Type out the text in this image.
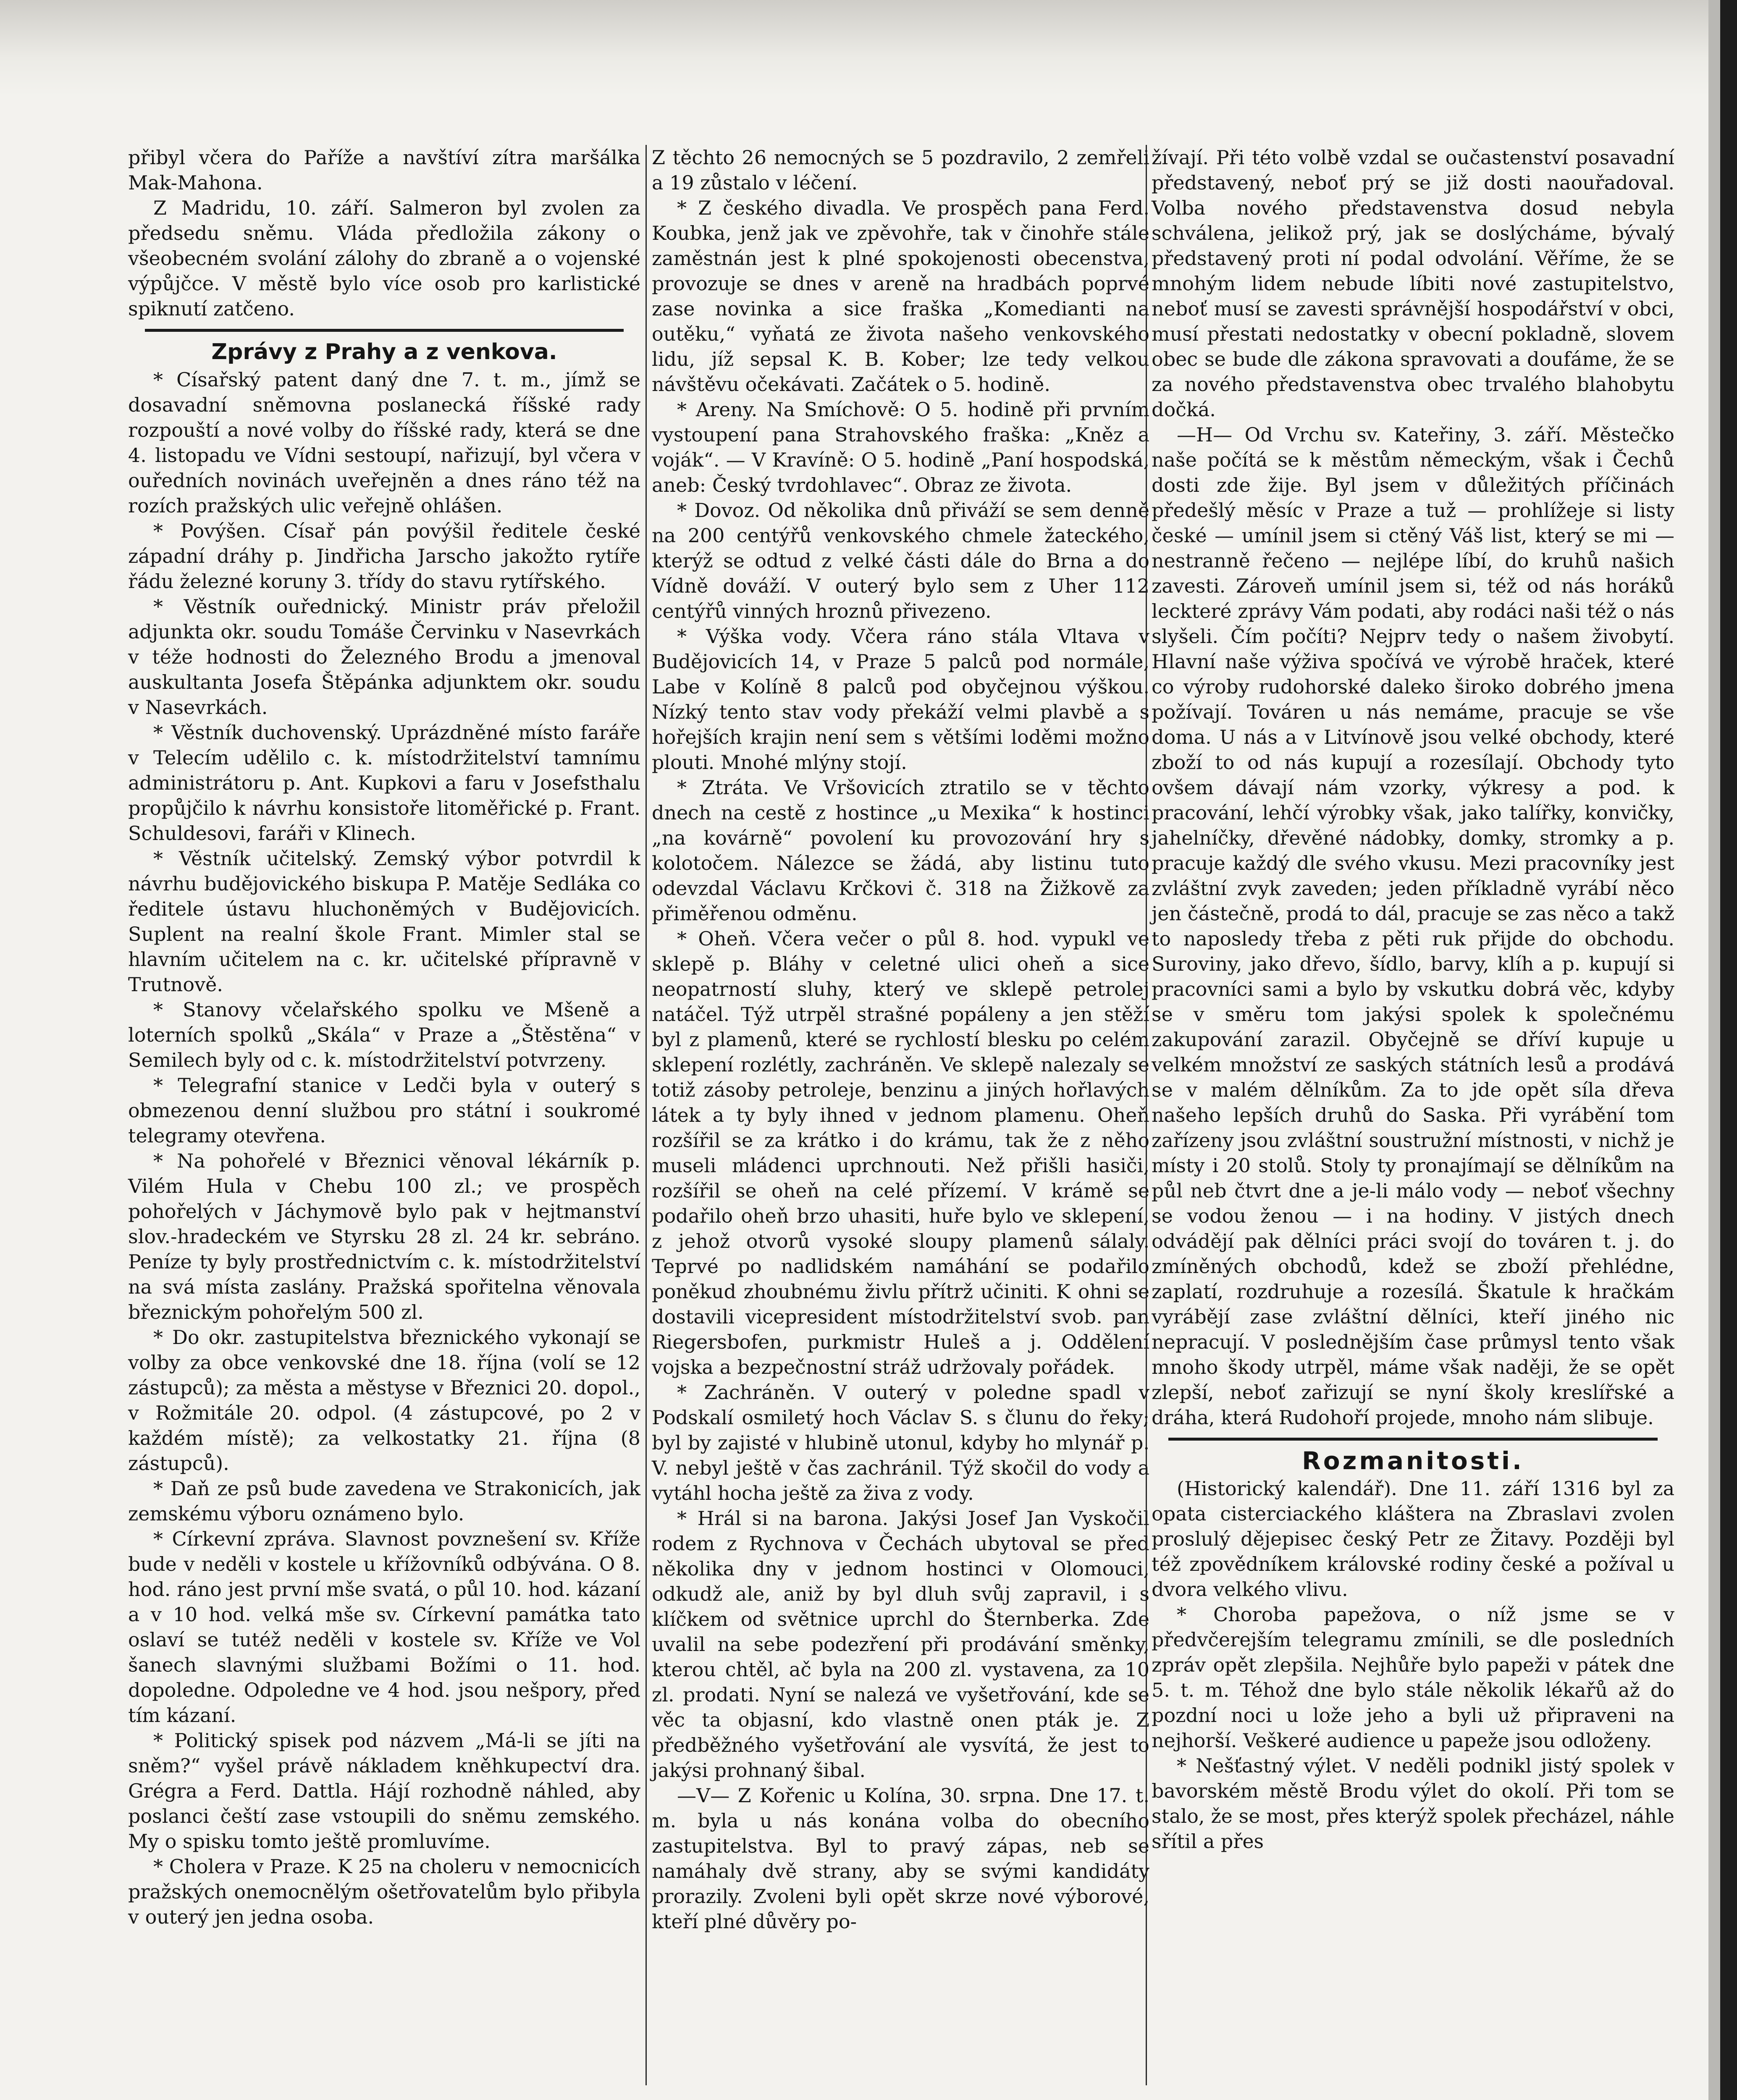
přibyl včera do Paříže a navštíví zítra maršálka Mak-Mahona.

Z Madridu, 10. září. Salmeron byl zvolen za předsedu sněmu. Vláda předložila zákony o všeobecném svolání zálohy do zbraně a o vojenské výpůjčce. V městě bylo více osob pro karlistické spiknutí zatčeno.

Zprávy z Prahy a z venkova.

* Císařský patent daný dne 7. t. m., jímž se dosavadní sněmovna poslanecká říšské rady rozpouští a nové volby do říšské rady, která se dne 4. listopadu ve Vídni sestoupí, nařizují, byl včera v ouředních novinách uveřejněn a dnes ráno též na rozích pražských ulic veřejně ohlášen.

* Povýšen. Císař pán povýšil ředitele české západní dráhy p. Jindřicha Jarscho jakožto rytíře řádu železné koruny 3. třídy do stavu rytířského.

* Věstník ouřednický. Ministr práv přeložil adjunkta okr. soudu Tomáše Červinku v Nasevrkách v téže hodnosti do Železného Brodu a jmenoval auskultanta Josefa Štěpánka adjunktem okr. soudu v Nasevrkách.

* Věstník duchovenský. Uprázdněné místo faráře v Telecím udělilo c. k. místodržitelství tamnímu administrátoru p. Ant. Kupkovi a faru v Josefsthalu propůjčilo k návrhu konsistoře litoměřické p. Frant. Schuldesovi, faráři v Klinech.

* Věstník učitelský. Zemský výbor potvrdil k návrhu budějovického biskupa P. Matěje Sedláka co ředitele ústavu hluchoněmých v Budějovicích. Suplent na realní škole Frant. Mimler stal se hlavním učitelem na c. kr. učitelské přípravně v Trutnově.

* Stanovy včelařského spolku ve Mšeně a loterních spolků „Skála“ v Praze a „Štěstěna“ v Semilech byly od c. k. místodržitelství potvrzeny.

* Telegrafní stanice v Ledči byla v outerý s obmezenou denní službou pro státní i soukromé telegramy otevřena.

* Na pohořelé v Březnici věnoval lékárník p. Vilém Hula v Chebu 100 zl.; ve prospěch pohořelých v Jáchymově bylo pak v hejtmanství slov.-hradeckém ve Styrsku 28 zl. 24 kr. sebráno. Peníze ty byly prostřednictvím c. k. místodržitelství na svá místa zaslány. Pražská spořitelna věnovala březnickým pohořelým 500 zl.

* Do okr. zastupitelstva březnického vykonají se volby za obce venkovské dne 18. října (volí se 12 zástupců); za města a městyse v Březnici 20. dopol., v Rožmitále 20. odpol. (4 zástupcové, po 2 v každém místě); za velkostatky 21. října (8 zástupců).

* Daň ze psů bude zavedena ve Strakonicích, jak zemskému výboru oznámeno bylo.

* Církevní zpráva. Slavnost povznešení sv. Kříže bude v neděli v kostele u křížovníků odbývána. O 8. hod. ráno jest první mše svatá, o půl 10. hod. kázaní a v 10 hod. velká mše sv. Církevní památka tato oslaví se tutéž neděli v kostele sv. Kříže ve Vol šanech slavnými službami Božími o 11. hod. dopoledne. Odpoledne ve 4 hod. jsou nešpory, před tím kázaní.

* Politický spisek pod názvem „Má-li se jíti na sněm?“ vyšel právě nákladem kněhkupectví dra. Grégra a Ferd. Dattla. Hájí rozhodně náhled, aby poslanci čeští zase vstoupili do sněmu zemského. My o spisku tomto ještě promluvíme.

* Cholera v Praze. K 25 na choleru v nemocnicích pražských onemocnělým ošetřovatelům bylo přibyla v outerý jen jedna osoba.

Z těchto 26 nemocných se 5 pozdravilo, 2 zemřeli a 19 zůstalo v léčení.

* Z českého divadla. Ve prospěch pana Ferd. Koubka, jenž jak ve zpěvohře, tak v činohře stále zaměstnán jest k plné spokojenosti obecenstva, provozuje se dnes v areně na hradbách poprvé zase novinka a sice fraška „Komedianti na outěku,“ vyňatá ze života našeho venkovského lidu, jíž sepsal K. B. Kober; lze tedy velkou návštěvu očekávati. Začátek o 5. hodině.

* Areny. Na Smíchově: O 5. hodině při prvním vystoupení pana Strahovského fraška: „Kněz a voják“. — V Kravíně: O 5. hodině „Paní hospodská, aneb: Český tvrdohlavec“. Obraz ze života.

* Dovoz. Od několika dnů přiváží se sem denně na 200 centýřů venkovského chmele žateckého, kterýž se odtud z velké části dále do Brna a do Vídně dováží. V outerý bylo sem z Uher 112 centýřů vinných hroznů přivezeno.

* Výška vody. Včera ráno stála Vltava v Budějovicích 14, v Praze 5 palců pod normále, Labe v Kolíně 8 palců pod obyčejnou výškou. Nízký tento stav vody překáží velmi plavbě a s hořejších krajin není sem s většími loděmi možno plouti. Mnohé mlýny stojí.

* Ztráta. Ve Vršovicích ztratilo se v těchto dnech na cestě z hostince „u Mexika“ k hostinci „na kovárně“ povolení ku provozování hry s kolotočem. Nálezce se žádá, aby listinu tuto odevzdal Václavu Krčkovi č. 318 na Žižkově za přiměřenou odměnu.

* Oheň. Včera večer o půl 8. hod. vypukl ve sklepě p. Bláhy v celetné ulici oheň a sice neopatrností sluhy, který ve sklepě petrolej natáčel. Týž utrpěl strašné popáleny a jen stěží byl z plamenů, které se rychlostí blesku po celém sklepení rozlétly, zachráněn. Ve sklepě nalezaly se totiž zásoby petroleje, benzinu a jiných hořlavých látek a ty byly ihned v jednom plamenu. Oheň rozšířil se za krátko i do krámu, tak že z něho museli mládenci uprchnouti. Než přišli hasiči, rozšířil se oheň na celé přízemí. V krámě se podařilo oheň brzo uhasiti, huře bylo ve sklepení, z jehož otvorů vysoké sloupy plamenů sálaly. Teprvé po nadlidském namáhání se podařilo poněkud zhoubnému živlu přítrž učiniti. K ohni se dostavili vicepresident místodržitelství svob. pan Riegersbofen, purkmistr Huleš a j. Oddělení vojska a bezpečnostní stráž udržovaly pořádek.

* Zachráněn. V outerý v poledne spadl v Podskalí osmiletý hoch Václav S. s člunu do řeky; byl by zajisté v hlubině utonul, kdyby ho mlynář p. V. nebyl ještě v čas zachránil. Týž skočil do vody a vytáhl hocha ještě za živa z vody.

* Hrál si na barona. Jakýsi Josef Jan Vyskočil rodem z Rychnova v Čechách ubytoval se před několika dny v jednom hostinci v Olomouci, odkudž ale, aniž by byl dluh svůj zapravil, i s klíčkem od světnice uprchl do Šternberka. Zde uvalil na sebe podezření při prodávání směnky, kterou chtěl, ač byla na 200 zl. vystavena, za 10 zl. prodati. Nyní se nalezá ve vyšetřování, kde se věc ta objasní, kdo vlastně onen pták je. Z předběžného vyšetřování ale vysvítá, že jest to jakýsi prohnaný šibal.

—V— Z Kořenic u Kolína, 30. srpna. Dne 17. t. m. byla u nás konána volba do obecního zastupitelstva. Byl to pravý zápas, neb se namáhaly dvě strany, aby se svými kandidáty prorazily. Zvoleni byli opět skrze nové výborové, kteří plné důvěry po-

žívají. Při této volbě vzdal se oučastenství posavadní představený, neboť prý se již dosti naouřadoval. Volba nového představenstva dosud nebyla schválena, jelikož prý, jak se doslýcháme, bývalý představený proti ní podal odvolání. Věříme, že se mnohým lidem nebude líbiti nové zastupitelstvo, neboť musí se zavesti správnější hospodářství v obci, musí přestati nedostatky v obecní pokladně, slovem obec se bude dle zákona spravovati a doufáme, že se za nového představenstva obec trvalého blahobytu dočká.

—H— Od Vrchu sv. Kateřiny, 3. září. Městečko naše počítá se k městům německým, však i Čechů dosti zde žije. Byl jsem v důležitých příčinách předešlý měsíc v Praze a tuž — prohlížeje si listy české — umínil jsem si ctěný Váš list, který se mi — nestranně řečeno — nejlépe líbí, do kruhů našich zavesti. Zároveň umínil jsem si, též od nás horáků leckteré zprávy Vám podati, aby rodáci naši též o nás slyšeli. Čím počíti? Nejprv tedy o našem živobytí. Hlavní naše výživa spočívá ve výrobě hraček, které co výroby rudohorské daleko široko dobrého jmena požívají. Továren u nás nemáme, pracuje se vše doma. U nás a v Litvínově jsou velké obchody, které zboží to od nás kupují a rozesílají. Obchody tyto ovšem dávají nám vzorky, výkresy a pod. k pracování, lehčí výrobky však, jako talířky, konvičky, jahelníčky, dřevěné nádobky, domky, stromky a p. pracuje každý dle svého vkusu. Mezi pracovníky jest zvláštní zvyk zaveden; jeden příkladně vyrábí něco jen částečně, prodá to dál, pracuje se zas něco a takž to naposledy třeba z pěti ruk přijde do obchodu. Suroviny, jako dřevo, šídlo, barvy, klíh a p. kupují si pracovníci sami a bylo by vskutku dobrá věc, kdyby se v směru tom jakýsi spolek k společnému zakupování zarazil. Obyčejně se dříví kupuje u velkém množství ze saských státních lesů a prodává se v malém dělníkům. Za to jde opět síla dřeva našeho lepších druhů do Saska. Při vyrábění tom zařízeny jsou zvláštní soustružní místnosti, v nichž je místy i 20 stolů. Stoly ty pronajímají se dělníkům na půl neb čtvrt dne a je-li málo vody — neboť všechny se vodou ženou — i na hodiny. V jistých dnech odvádějí pak dělníci práci svojí do továren t. j. do zmíněných obchodů, kdež se zboží přehlédne, zaplatí, rozdruhuje a rozesílá. Škatule k hračkám vyrábějí zase zvláštní dělníci, kteří jiného nic nepracují. V poslednějším čase průmysl tento však mnoho škody utrpěl, máme však naději, že se opět zlepší, neboť zařizují se nyní školy kreslířské a dráha, která Rudohoří projede, mnoho nám slibuje.

Rozmanitosti.

(Historický kalendář). Dne 11. září 1316 byl za opata cisterciackého kláštera na Zbraslavi zvolen proslulý dějepisec český Petr ze Žitavy. Později byl též zpovědníkem královské rodiny české a požíval u dvora velkého vlivu.

* Choroba papežova, o níž jsme se v předvčerejším telegramu zmínili, se dle posledních zpráv opět zlepšila. Nejhůře bylo papeži v pátek dne 5. t. m. Téhož dne bylo stále několik lékařů až do pozdní noci u lože jeho a byli už připraveni na nejhorší. Veškeré audience u papeže jsou odloženy.

* Nešťastný výlet. V neděli podnikl jistý spolek v bavorském městě Brodu výlet do okolí. Při tom se stalo, že se most, přes kterýž spolek přecházel, náhle sřítil a přes
